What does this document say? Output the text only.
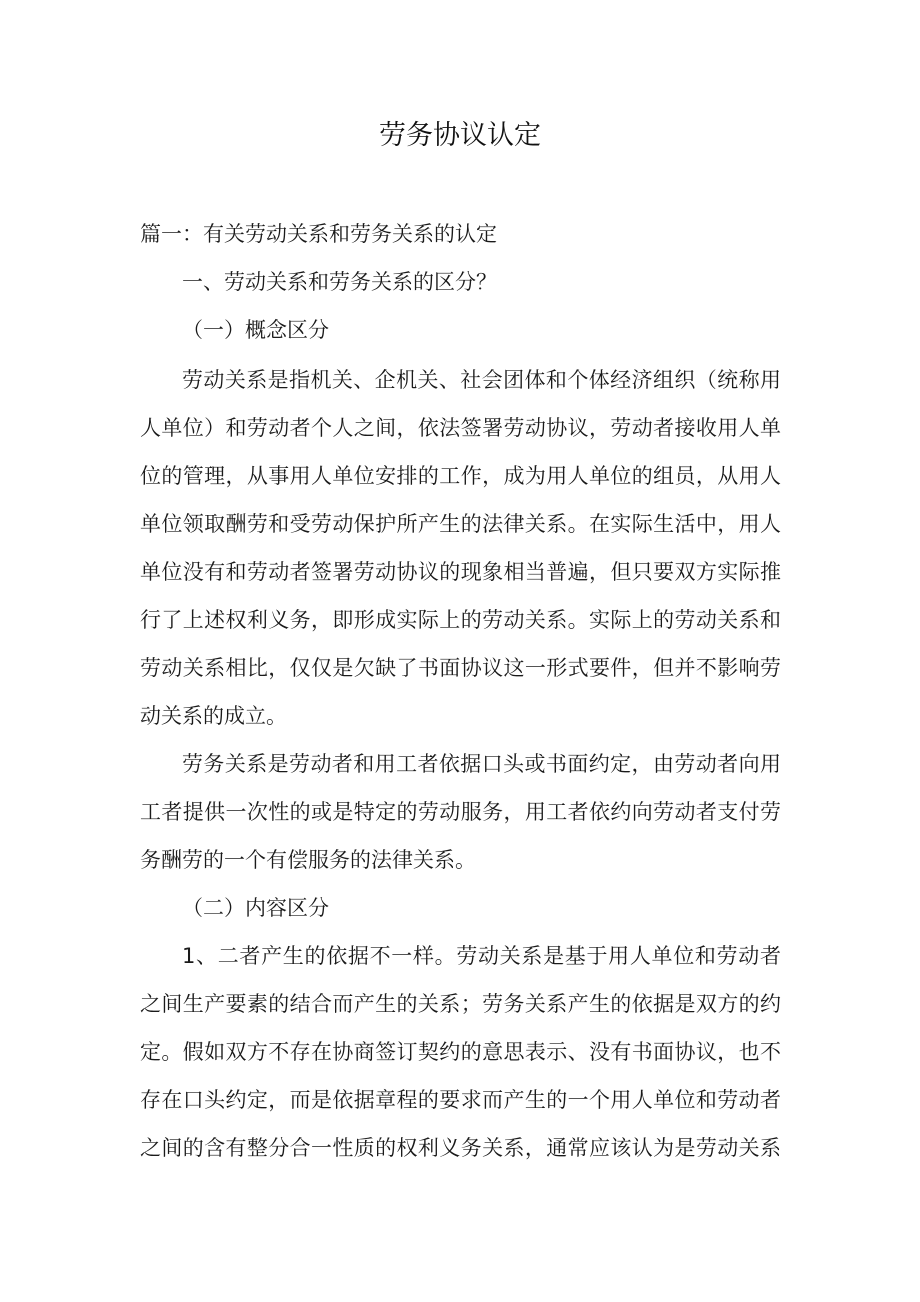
劳务协议认定
篇一：有关劳动关系和劳务关系的认定
一、劳动关系和劳务关系的区分？
（一）概念区分
劳动关系是指机关、企机关、社会团体和个体经济组织（统称用
人单位）和劳动者个人之间，依法签署劳动协议，劳动者接收用人单
位的管理，从事用人单位安排的工作，成为用人单位的组员，从用人
单位领取酬劳和受劳动保护所产生的法律关系。在实际生活中，用人
单位没有和劳动者签署劳动协议的现象相当普遍，但只要双方实际推
行了上述权利义务，即形成实际上的劳动关系。实际上的劳动关系和
劳动关系相比，仅仅是欠缺了书面协议这一形式要件，但并不影响劳
动关系的成立。
劳务关系是劳动者和用工者依据口头或书面约定，由劳动者向用
工者提供一次性的或是特定的劳动服务，用工者依约向劳动者支付劳
务酬劳的一个有偿服务的法律关系。
（二）内容区分
1、二者产生的依据不一样。劳动关系是基于用人单位和劳动者
之间生产要素的结合而产生的关系；劳务关系产生的依据是双方的约
定。假如双方不存在协商签订契约的意思表示、没有书面协议，也不
存在口头约定，而是依据章程的要求而产生的一个用人单位和劳动者
之间的含有整分合一性质的权利义务关系，通常应该认为是劳动关系
